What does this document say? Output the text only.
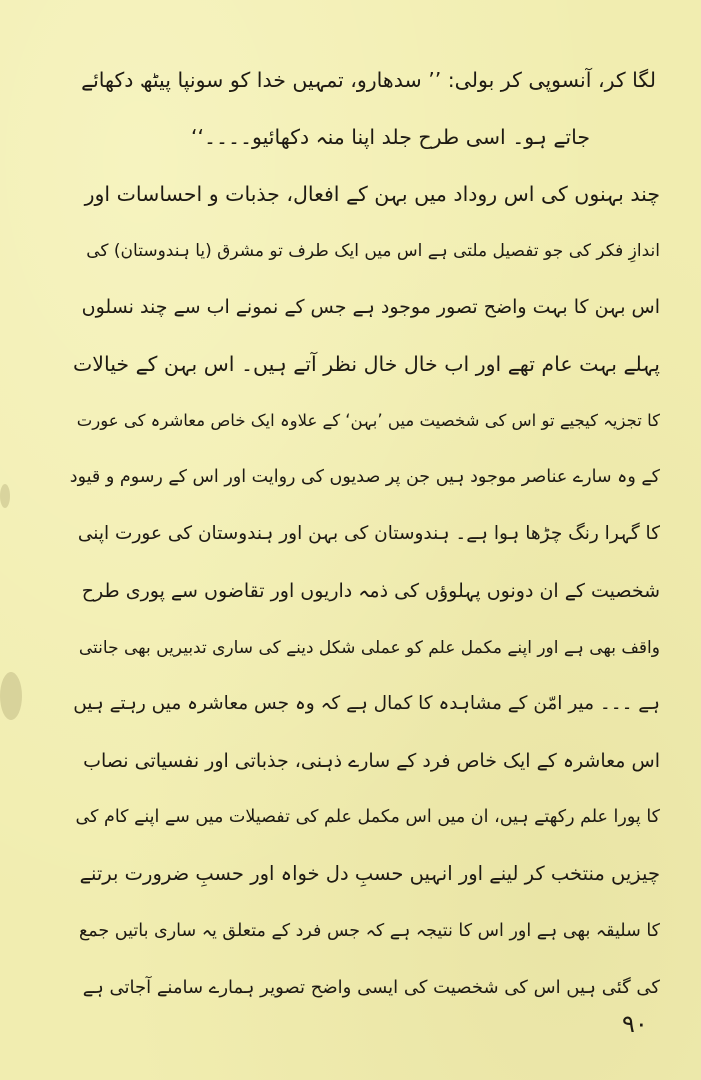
لگا کر، آنسوپی کر بولی: ’’ سدھارو، تمہیں خدا کو سونپا پیٹھ دکھائے
جاتے ہو۔ اسی طرح جلد اپنا منہ دکھائیو۔۔۔۔‘‘
چند بہنوں کی اس روداد میں بہن کے افعال، جذبات و احساسات اور
اندازِ فکر کی جو تفصیل ملتی ہے اس میں ایک طرف تو مشرق (یا ہندوستان) کی
اس بہن کا بہت واضح تصور موجود ہے جس کے نمونے اب سے چند نسلوں
پہلے بہت عام تھے اور اب خال خال نظر آتے ہیں۔ اس بہن کے خیالات
کا تجزیہ کیجیے تو اس کی شخصیت میں ’بہن‘ کے علاوہ ایک خاص معاشرہ کی عورت
کے وہ سارے عناصر موجود ہیں جن پر صدیوں کی روایت اور اس کے رسوم و قیود
کا گہرا رنگ چڑھا ہوا ہے۔ ہندوستان کی بہن اور ہندوستان کی عورت اپنی
شخصیت کے ان دونوں پہلوؤں کی ذمہ داریوں اور تقاضوں سے پوری طرح
واقف بھی ہے اور اپنے مکمل علم کو عملی شکل دینے کی ساری تدبیریں بھی جانتی
ہے ۔۔۔ میر امّن کے مشاہدہ کا کمال ہے کہ وہ جس معاشرہ میں رہتے ہیں
اس معاشرہ کے ایک خاص فرد کے سارے ذہنی، جذباتی اور نفسیاتی نصاب
کا پورا علم رکھتے ہیں، ان میں اس مکمل علم کی تفصیلات میں سے اپنے کام کی
چیزیں منتخب کر لینے اور انہیں حسبِ دل خواہ اور حسبِ ضرورت برتنے
کا سلیقہ بھی ہے اور اس کا نتیجہ ہے کہ جس فرد کے متعلق یہ ساری باتیں جمع
کی گئی ہیں اس کی شخصیت کی ایسی واضح تصویر ہمارے سامنے آجاتی ہے
۹۰
